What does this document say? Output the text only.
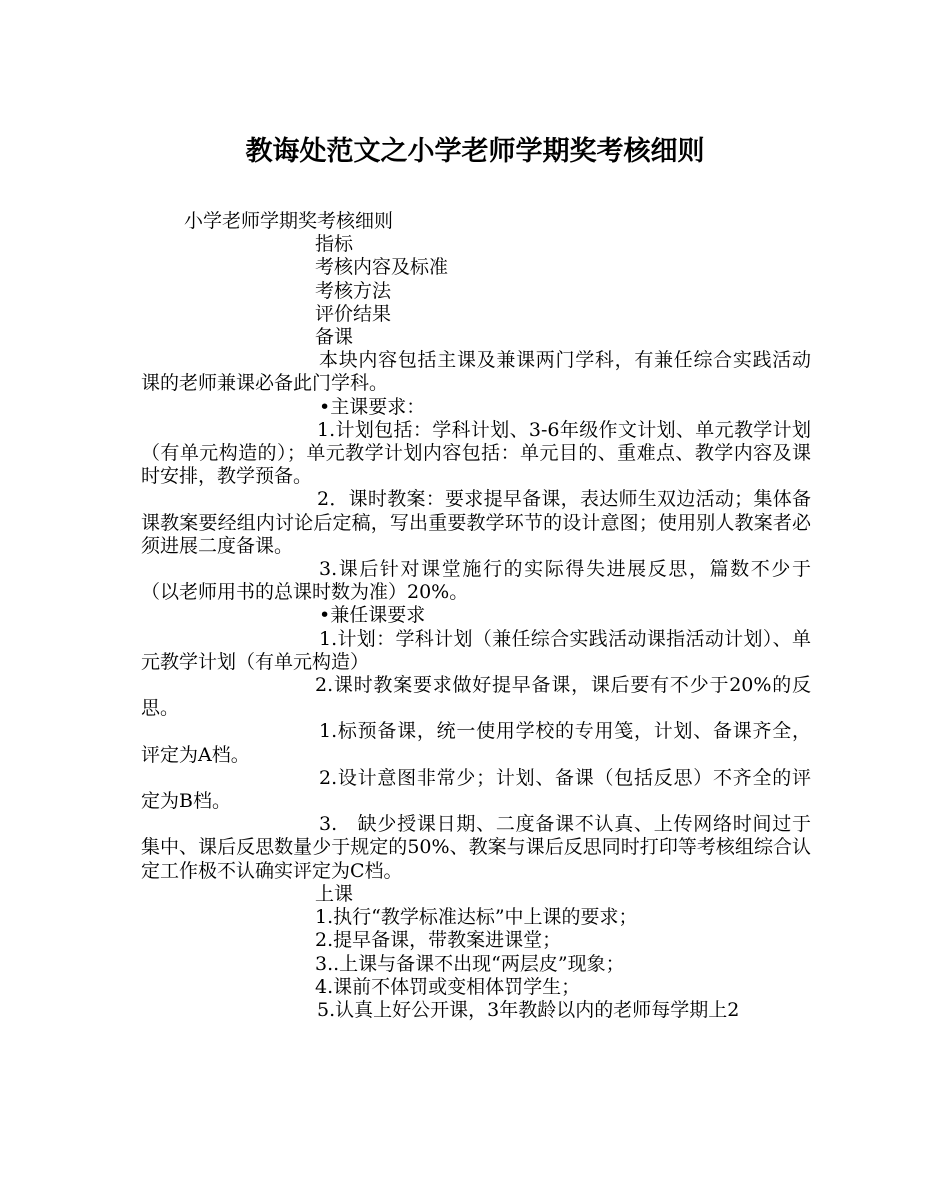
教诲处范文之小学老师学期奖考核细则

小学老师学期奖考核细则

指标

考核内容及标准

考核方法

评价结果

备课

本块内容包括主课及兼课两门学科，有兼任综合实践活动课的老师兼课必备此门学科。

•主课要求：

1.计划包括：学科计划、3-6年级作文计划、单元教学计划（有单元构造的）；单元教学计划内容包括：单元目的、重难点、教学内容及课时安排，教学预备。

2．课时教案：要求提早备课，表达师生双边活动；集体备课教案要经组内讨论后定稿，写出重要教学环节的设计意图；使用别人教案者必须进展二度备课。

3.课后针对课堂施行的实际得失进展反思，篇数不少于（以老师用书的总课时数为准）20%。

•兼任课要求

1.计划：学科计划（兼任综合实践活动课指活动计划）、单元教学计划（有单元构造）

2.课时教案要求做好提早备课，课后要有不少于20%的反思。

1.标预备课，统一使用学校的专用笺，计划、备课齐全，评定为A档。

2.设计意图非常少；计划、备课（包括反思）不齐全的评定为B档。

3.　缺少授课日期、二度备课不认真、上传网络时间过于集中、课后反思数量少于规定的50%、教案与课后反思同时打印等考核组综合认定工作极不认确实评定为C档。

上课

1.执行“教学标准达标”中上课的要求；

2.提早备课，带教案进课堂；

3..上课与备课不出现“两层皮”现象；

4.课前不体罚或变相体罚学生；

5.认真上好公开课，3年教龄以内的老师每学期上2
